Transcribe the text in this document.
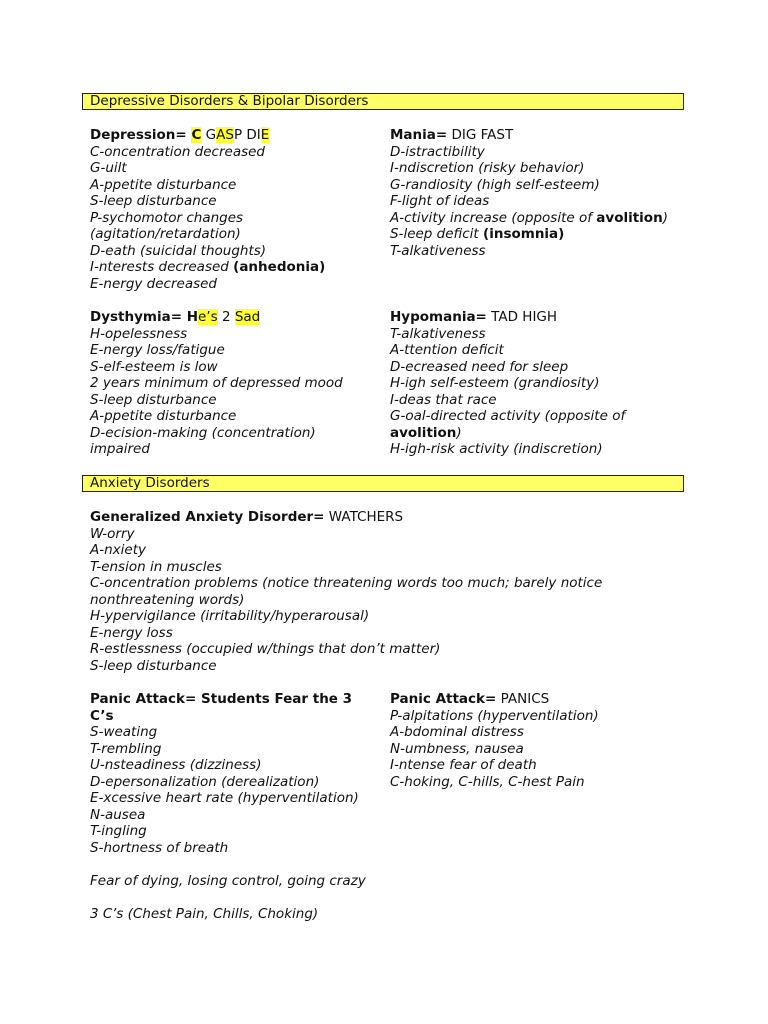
Depressive Disorders & Bipolar Disorders
Depression= C GASP DIE
C-oncentration decreased
G-uilt
A-ppetite disturbance
S-leep disturbance
P-sychomotor changes
(agitation/retardation)
D-eath (suicidal thoughts)
I-nterests decreased (anhedonia)
E-nergy decreased
Mania= DIG FAST
D-istractibility
I-ndiscretion (risky behavior)
G-randiosity (high self-esteem)
F-light of ideas
A-ctivity increase (opposite of avolition)
S-leep deficit (insomnia)
T-alkativeness
Dysthymia= He’s 2 Sad
H-opelessness
E-nergy loss/fatigue
S-elf-esteem is low
2 years minimum of depressed mood
S-leep disturbance
A-ppetite disturbance
D-ecision-making (concentration)
impaired
Hypomania= TAD HIGH
T-alkativeness
A-ttention deficit
D-ecreased need for sleep
H-igh self-esteem (grandiosity)
I-deas that race
G-oal-directed activity (opposite of
avolition)
H-igh-risk activity (indiscretion)
Anxiety Disorders
Generalized Anxiety Disorder= WATCHERS
W-orry
A-nxiety
T-ension in muscles
C-oncentration problems (notice threatening words too much; barely notice
nonthreatening words)
H-ypervigilance (irritability/hyperarousal)
E-nergy loss
R-estlessness (occupied w/things that don’t matter)
S-leep disturbance
Panic Attack= Students Fear the 3
C’s
S-weating
T-rembling
U-nsteadiness (dizziness)
D-epersonalization (derealization)
E-xcessive heart rate (hyperventilation)
N-ausea
T-ingling
S-hortness of breath
Fear of dying, losing control, going crazy
3 C’s (Chest Pain, Chills, Choking)
Panic Attack= PANICS
P-alpitations (hyperventilation)
A-bdominal distress
N-umbness, nausea
I-ntense fear of death
C-hoking, C-hills, C-hest Pain
